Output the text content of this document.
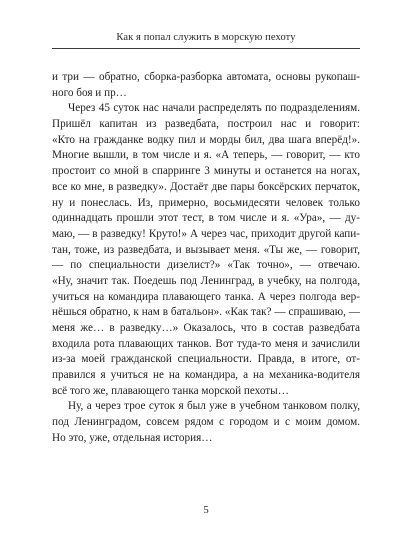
Как я попал служить в морскую пехоту
и три — обратно, сборка-разборка автомата, основы рукопаш-
ного боя и пр…
Через 45 суток нас начали распределять по подразделениям.
Пришёл капитан из разведбата, построил нас и говорит:
«Кто на гражданке водку пил и морды бил, два шага вперёд!».
Многие вышли, в том числе и я. «А теперь, — говорит, — кто
простоит со мной в спарринге 3 минуты и останется на ногах,
все ко мне, в разведку». Достаёт две пары боксёрских перчаток,
ну и понеслась. Из, примерно, восьмидесяти человек только
одиннадцать прошли этот тест, в том числе и я. «Ура», — ду-
маю, — в разведку! Круто!» А через час, приходит другой капи-
тан, тоже, из разведбата, и вызывает меня. «Ты же, — говорит,
— по специальности дизелист?» «Так точно», — отвечаю.
«Ну, значит так. Поедешь под Ленинград, в учебку, на полгода,
учиться на командира плавающего танка. А через полгода вер-
нёшься обратно, к нам в батальон». «Как так? — спрашиваю, —
меня же… в разведку…» Оказалось, что в состав разведбата
входила рота плавающих танков. Вот туда-то меня и зачислили
из-за моей гражданской специальности. Правда, в итоге, от-
правился я учиться не на командира, а на механика-водителя
всё того же, плавающего танка морской пехоты…
Ну, а через трое суток я был уже в учебном танковом полку,
под Ленинградом, совсем рядом с городом и с моим домом.
Но это, уже, отдельная история…
5
